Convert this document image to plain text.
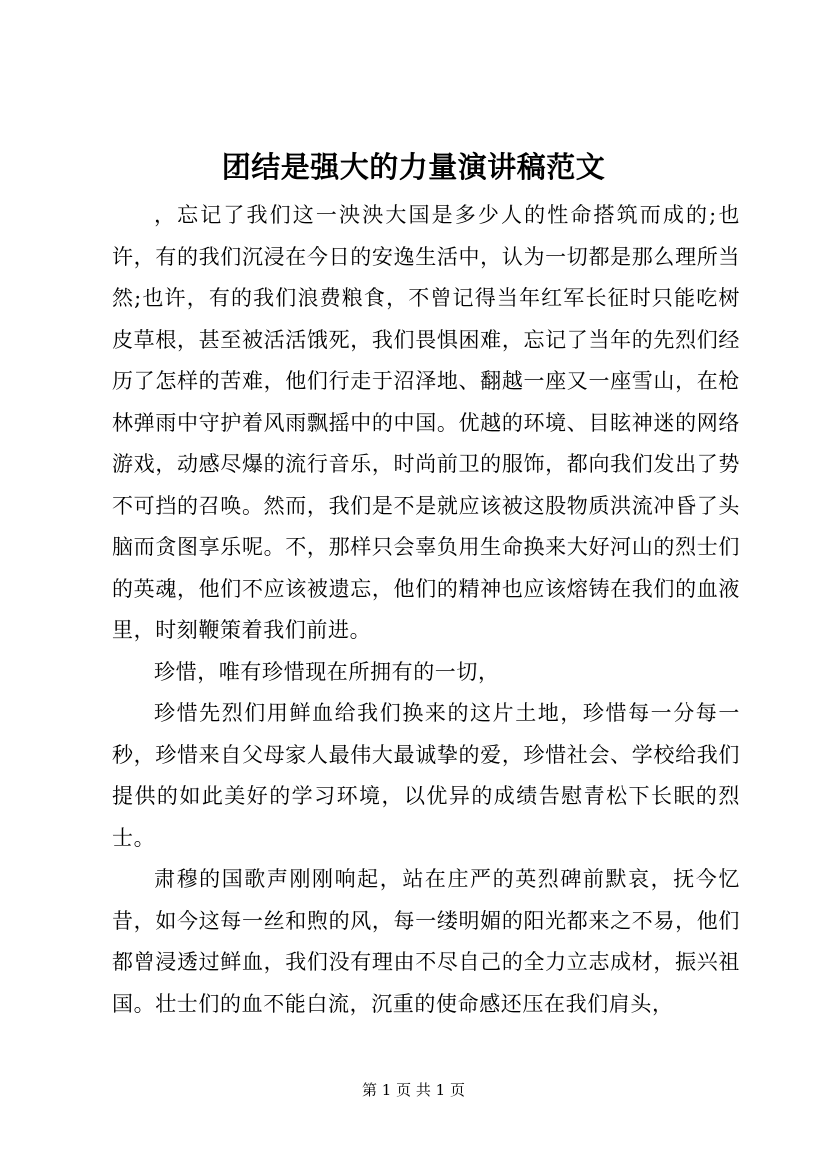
团结是强大的力量演讲稿范文

，忘记了我们这一泱泱大国是多少人的性命搭筑而成的;也许，有的我们沉浸在今日的安逸生活中，认为一切都是那么理所当然;也许，有的我们浪费粮食，不曾记得当年红军长征时只能吃树皮草根，甚至被活活饿死，我们畏惧困难，忘记了当年的先烈们经历了怎样的苦难，他们行走于沼泽地、翻越一座又一座雪山，在枪林弹雨中守护着风雨飘摇中的中国。优越的环境、目眩神迷的网络游戏，动感尽爆的流行音乐，时尚前卫的服饰，都向我们发出了势不可挡的召唤。然而，我们是不是就应该被这股物质洪流冲昏了头脑而贪图享乐呢。不，那样只会辜负用生命换来大好河山的烈士们的英魂，他们不应该被遗忘，他们的精神也应该熔铸在我们的血液里，时刻鞭策着我们前进。

珍惜，唯有珍惜现在所拥有的一切，

珍惜先烈们用鲜血给我们换来的这片土地，珍惜每一分每一秒，珍惜来自父母家人最伟大最诚挚的爱，珍惜社会、学校给我们提供的如此美好的学习环境，以优异的成绩告慰青松下长眠的烈士。

肃穆的国歌声刚刚响起，站在庄严的英烈碑前默哀，抚今忆昔，如今这每一丝和煦的风，每一缕明媚的阳光都来之不易，他们都曾浸透过鲜血，我们没有理由不尽自己的全力立志成材，振兴祖国。壮士们的血不能白流，沉重的使命感还压在我们肩头，

第 1 页 共 1 页
